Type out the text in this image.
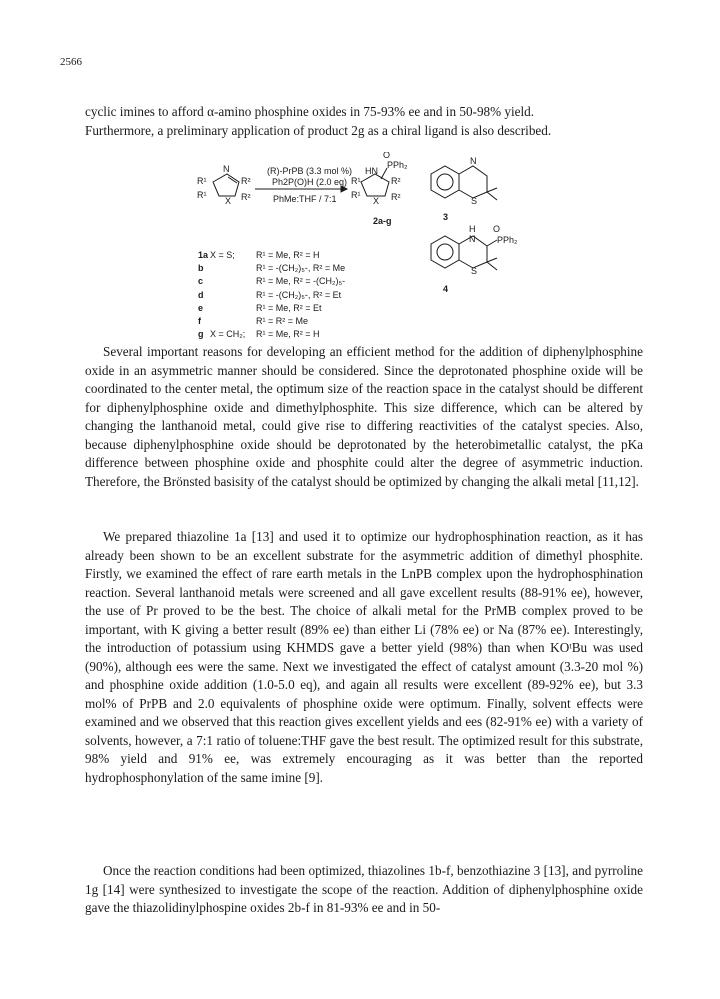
2566

cyclic imines to afford α-amino phosphine oxides in 75-93% ee and in 50-98% yield.
Furthermore, a preliminary application of product 2g as a chiral ligand is also described.

(R)-PrPB (3.3 mol %)
Ph2P(O)H (2.0 eq)
PhMe:THF / 7:1
R¹
R¹
N
R²
R²
X
R¹
R¹
HN
O
PPh₂
R²
R²
X
2a-g
N
S
3
H
N
O
PPh₂
S
4
1a X = S;	R¹ = Me, R² = H
b	R¹ = -(CH₂)₅-, R² = Me
c	R¹ = Me, R² = -(CH₂)₅-
d	R¹ = -(CH₂)₅-, R² = Et
e	R¹ = Me, R² = Et
f	R¹ = R² = Me
g X = CH₂;	R¹ = Me, R² = H

Several important reasons for developing an efficient method for the addition of diphenylphosphine oxide in an asymmetric manner should be considered. Since the deprotonated phosphine oxide will be coordinated to the center metal, the optimum size of the reaction space in the catalyst should be different for diphenylphosphine oxide and dimethylphosphite. This size difference, which can be altered by changing the lanthanoid metal, could give rise to differing reactivities of the catalyst species. Also, because diphenylphosphine oxide should be deprotonated by the heterobimetallic catalyst, the pKa difference between phosphine oxide and phosphite could alter the degree of asymmetric induction. Therefore, the Brönsted basisity of the catalyst should be optimized by changing the alkali metal [11,12].

We prepared thiazoline 1a [13] and used it to optimize our hydrophosphination reaction, as it has already been shown to be an excellent substrate for the asymmetric addition of dimethyl phosphite. Firstly, we examined the effect of rare earth metals in the LnPB complex upon the hydrophosphination reaction. Several lanthanoid metals were screened and all gave excellent results (88-91% ee), however, the use of Pr proved to be the best. The choice of alkali metal for the PrMB complex proved to be important, with K giving a better result (89% ee) than either Li (78% ee) or Na (87% ee). Interestingly, the introduction of potassium using KHMDS gave a better yield (98%) than when KOᵗBu was used (90%), although ees were the same. Next we investigated the effect of catalyst amount (3.3-20 mol %) and phosphine oxide addition (1.0-5.0 eq), and again all results were excellent (89-92% ee), but 3.3 mol% of PrPB and 2.0 equivalents of phosphine oxide were optimum. Finally, solvent effects were examined and we observed that this reaction gives excellent yields and ees (82-91% ee) with a variety of solvents, however, a 7:1 ratio of toluene:THF gave the best result. The optimized result for this substrate, 98% yield and 91% ee, was extremely encouraging as it was better than the reported hydrophosphonylation of the same imine [9].

Once the reaction conditions had been optimized, thiazolines 1b-f, benzothiazine 3 [13], and pyrroline 1g [14] were synthesized to investigate the scope of the reaction. Addition of diphenylphosphine oxide gave the thiazolidinylphospine oxides 2b-f in 81-93% ee and in 50-
